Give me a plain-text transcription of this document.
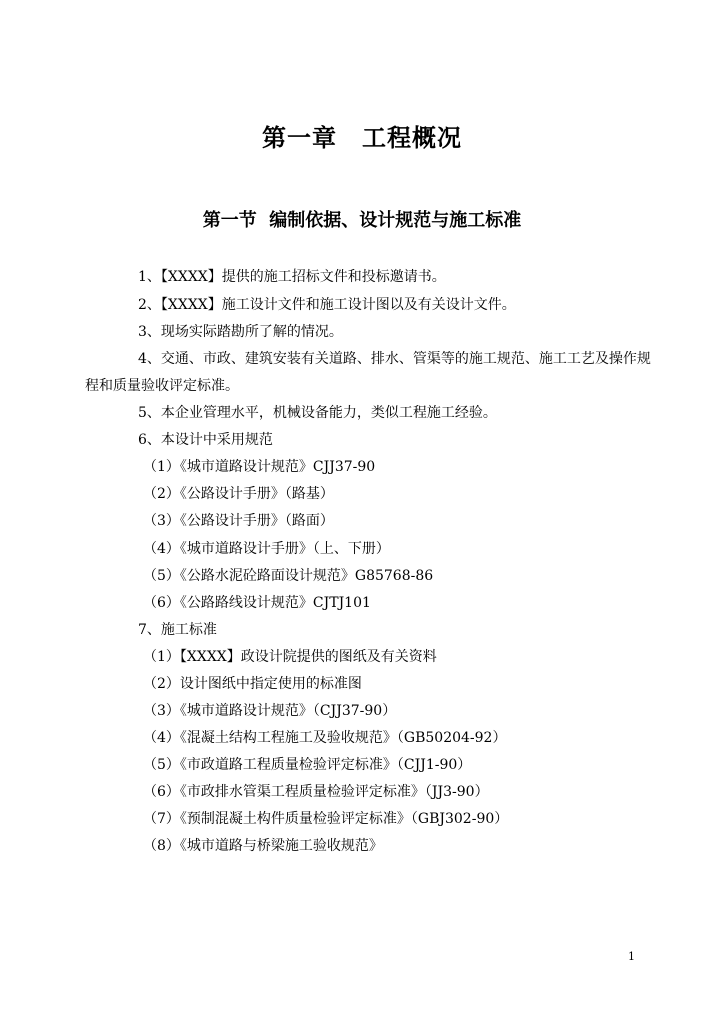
第一章　工程概况
第一节  编制依据、设计规范与施工标准
1、【XXXX】提供的施工招标文件和投标邀请书。
2、【XXXX】施工设计文件和施工设计图以及有关设计文件。
3、现场实际踏勘所了解的情况。
4、交通、市政、建筑安装有关道路、排水、管渠等的施工规范、施工工艺及操作规
程和质量验收评定标准。
5、本企业管理水平，机械设备能力，类似工程施工经验。
6、本设计中采用规范
（1）《城市道路设计规范》CJJ37-90
（2）《公路设计手册》（路基）
（3）《公路设计手册》（路面）
（4）《城市道路设计手册》（上、下册）
（5）《公路水泥砼路面设计规范》G85768-86
（6）《公路路线设计规范》CJTJ101
7、施工标准
（1）【XXXX】政设计院提供的图纸及有关资料
（2）设计图纸中指定使用的标准图
（3）《城市道路设计规范》（CJJ37-90）
（4）《混凝土结构工程施工及验收规范》（GB50204-92）
（5）《市政道路工程质量检验评定标准》（CJJ1-90）
（6）《市政排水管渠工程质量检验评定标准》（JJ3-90）
（7）《预制混凝土构件质量检验评定标准》（GBJ302-90）
（8）《城市道路与桥梁施工验收规范》
1
